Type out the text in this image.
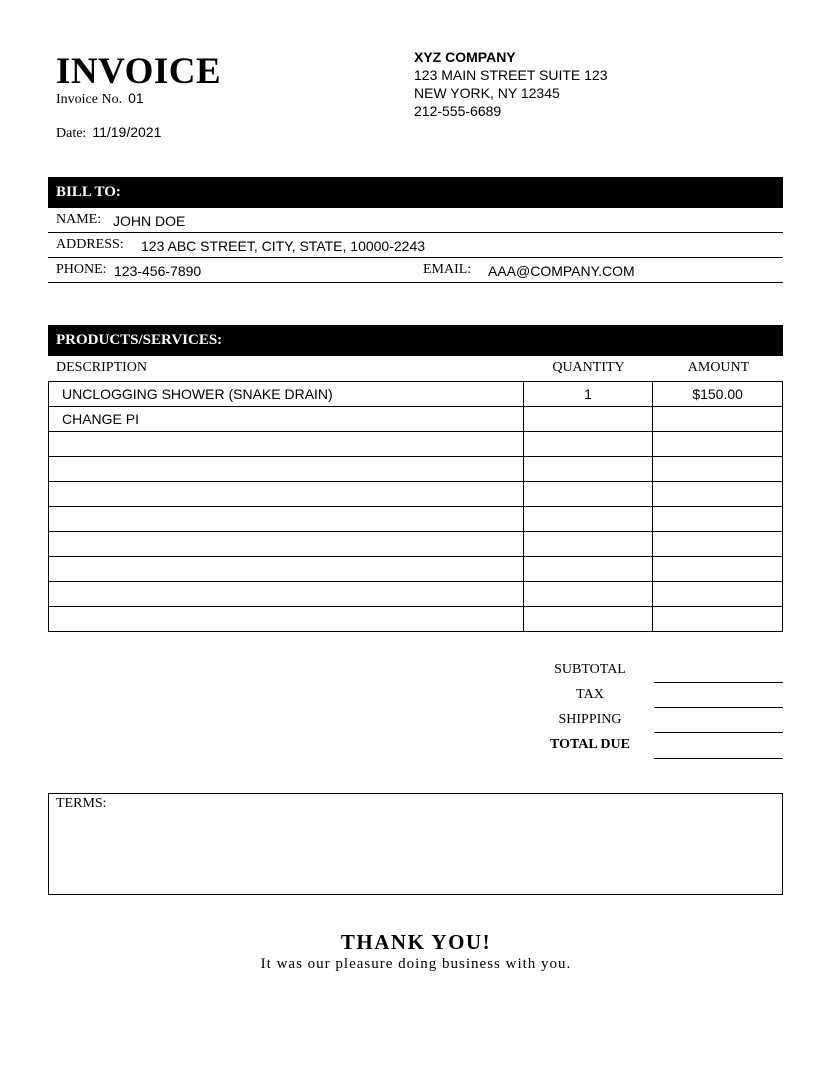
INVOICE
Invoice No. 01
Date: 11/19/2021
XYZ COMPANY
123 MAIN STREET SUITE 123
NEW YORK, NY 12345
212-555-6689
BILL TO:
NAME: JOHN DOE
ADDRESS: 123 ABC STREET, CITY, STATE, 10000-2243
PHONE: 123-456-7890	EMAIL: AAA@COMPANY.COM
PRODUCTS/SERVICES:
DESCRIPTION	QUANTITY	AMOUNT
UNCLOGGING SHOWER (SNAKE DRAIN)	1	$150.00
CHANGE PI		

SUBTOTAL
TAX
SHIPPING
TOTAL DUE
TERMS:
THANK YOU!
It was our pleasure doing business with you.
